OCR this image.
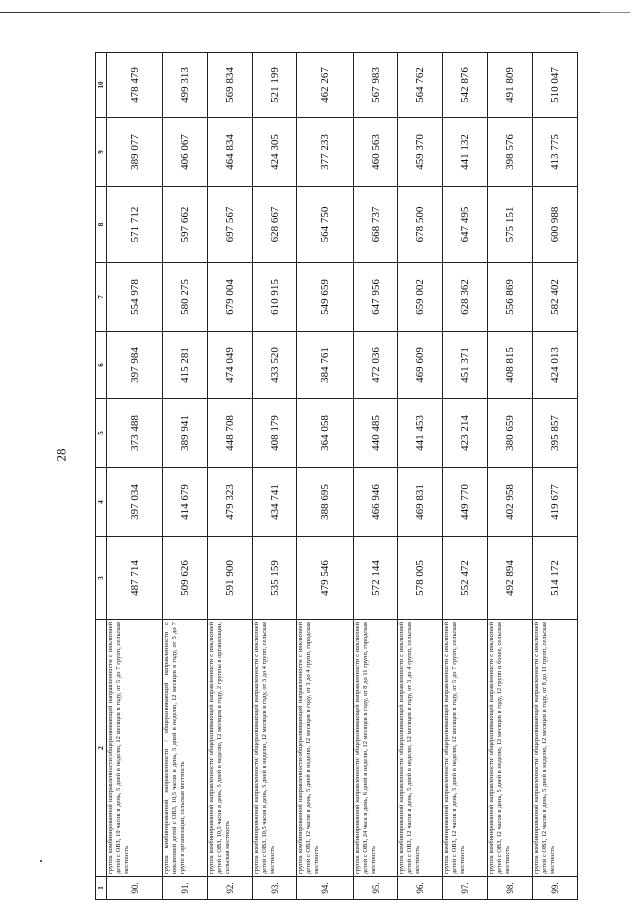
28
1	2	3	4	5	6	7	8	9	10
90.	группа комбинированной направленности/общеразвивающей направленности с инклюзией детей с ОВЗ, 10 часов в день, 5 дней в неделю, 12 месяцев в году, от 5 до 7 групп, сельская местность	487 714	397 034	373 488	397 984	554 978	571 712	389 077	478 479
91.	группа комбинированной направленности / общеразвивающей направленности с инклюзией детей с ОВЗ, 10,5 часов в день, 5 дней в неделю, 12 месяцев в году, от 5 до 7 групп в организации, сельская местность	509 626	414 679	389 941	415 281	580 275	597 662	406 067	499 313
92.	группа комбинированной направленности/ общеразвивающей направленности с инклюзией детей с ОВЗ, 10,5 часов в день, 5 дней в неделю, 12 месяцев в году, 2 группы в организации, сельская местность	591 900	479 323	448 708	474 049	679 004	697 567	464 834	569 834
93.	группа комбинированной направленности/ общеразвивающей направленности с инклюзией детей с ОВЗ, 10,5 часов в день, 5 дней в неделю, 12 месяцев в году, от 3 до 4 групп, сельская местность	535 159	434 741	408 179	433 520	610 915	628 667	424 305	521 199
94.	группа комбинированной направленности/общеразвивающей направленности с инклюзией детей с ОВЗ, 12 часов в день, 5 дней в неделю, 12 месяцев в году, от 3 до 4 групп, городская местность	479 546	388 695	364 058	384 761	549 659	564 750	377 233	462 267
95.	группа комбинированной направленности/ общеразвивающей направленности с инклюзией детей с ОВЗ, 24 часа в день, 6 дней в неделю, 12 месяцев в году, от 8 до 11 групп, городская местность	572 144	466 946	440 485	472 036	647 956	668 737	460 563	567 983
96.	группа комбинированной направленности/ общеразвивающей направленности с инклюзией детей с ОВЗ, 12 часов в день, 5 дней в неделю, 12 месяцев в году, от 3 до 4 групп, сельская местность	578 005	469 831	441 453	469 609	659 002	678 500	459 370	564 762
97.	группа комбинированной направленности/ общеразвивающей направленности с инклюзией детей с ОВЗ, 12 часов в день, 5 дней в неделю, 12 месяцев в году, от 5 до 7 групп, сельская местность	552 472	449 770	423 214	451 371	628 362	647 495	441 132	542 876
98.	группа комбинированной направленности/ общеразвивающей направленности с инклюзией детей с ОВЗ, 12 часов в день, 5 дней в неделю, 12 месяцев в году, 12 групп и более, сельская местность	492 894	402 958	380 659	408 815	556 869	575 151	398 576	491 809
99.	группа комбинированной направленности/ общеразвивающей направленности с инклюзией детей с ОВЗ, 12 часов в день, 5 дней в неделю, 12 месяцев в году, от 8 до 11 групп, сельская местность	514 172	419 677	395 857	424 013	582 402	600 988	413 775	510 047
